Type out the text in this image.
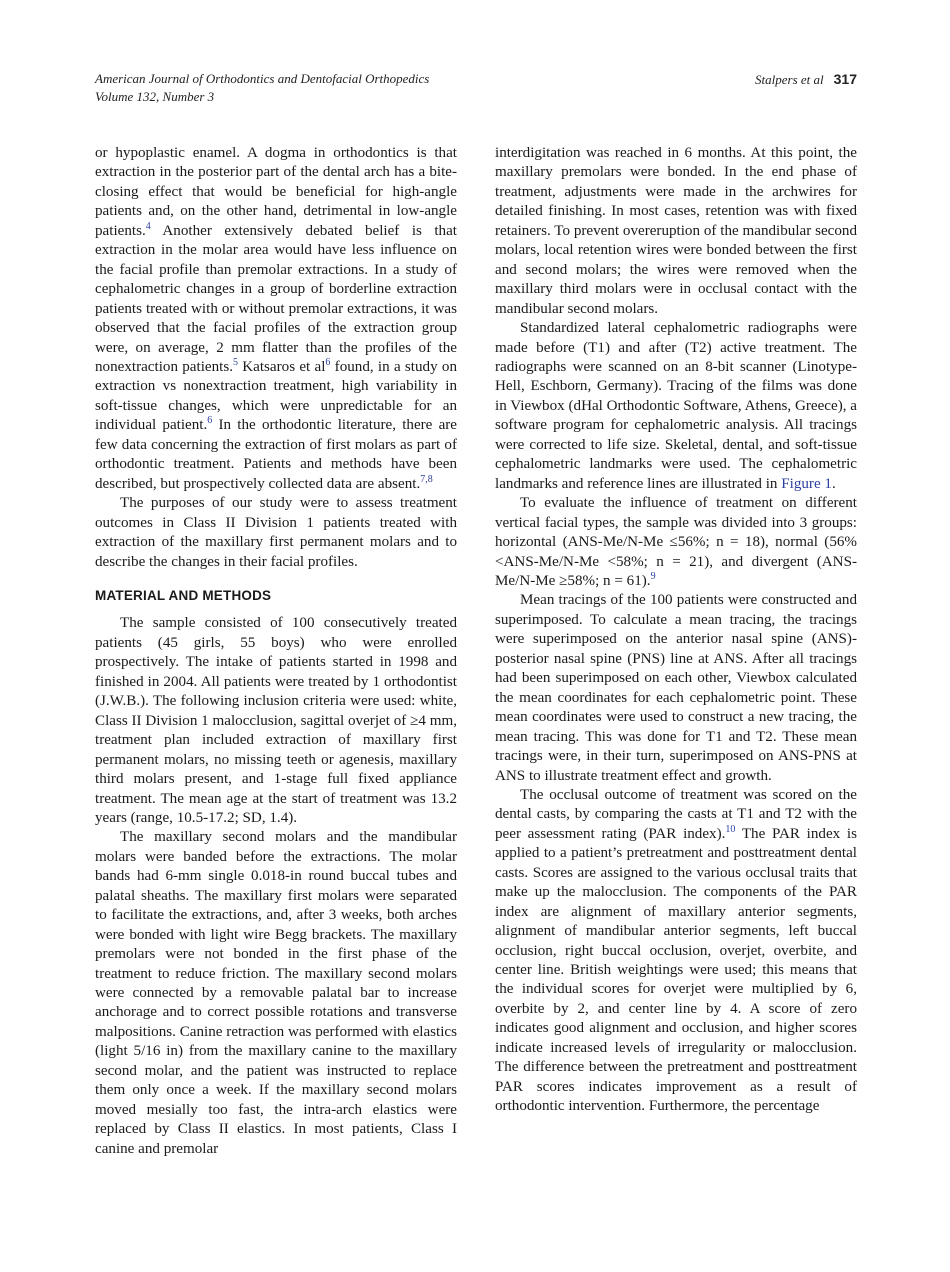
American Journal of Orthodontics and Dentofacial Orthopedics
Volume 132, Number 3
Stalpers et al 317

or hypoplastic enamel. A dogma in orthodontics is that extraction in the posterior part of the dental arch has a bite-closing effect that would be beneficial for high-angle patients and, on the other hand, detrimental in low-angle patients.$^4$ Another extensively debated belief is that extraction in the molar area would have less influence on the facial profile than premolar extractions. In a study of cephalometric changes in a group of borderline extraction patients treated with or without premolar extractions, it was observed that the facial profiles of the extraction group were, on average, 2 mm flatter than the profiles of the nonextraction patients.$^5$ Katsaros et al$^6$ found, in a study on extraction vs nonextraction treatment, high variability in soft-tissue changes, which were unpredictable for an individual patient.$^6$ In the orthodontic literature, there are few data concerning the extraction of first molars as part of orthodontic treatment. Patients and methods have been described, but prospectively collected data are absent.$^{7,8}$

The purposes of our study were to assess treatment outcomes in Class II Division 1 patients treated with extraction of the maxillary first permanent molars and to describe the changes in their facial profiles.

MATERIAL AND METHODS

The sample consisted of 100 consecutively treated patients (45 girls, 55 boys) who were enrolled prospectively. The intake of patients started in 1998 and finished in 2004. All patients were treated by 1 orthodontist (J.W.B.). The following inclusion criteria were used: white, Class II Division 1 malocclusion, sagittal overjet of ≥4 mm, treatment plan included extraction of maxillary first permanent molars, no missing teeth or agenesis, maxillary third molars present, and 1-stage full fixed appliance treatment. The mean age at the start of treatment was 13.2 years (range, 10.5-17.2; SD, 1.4).

The maxillary second molars and the mandibular molars were banded before the extractions. The molar bands had 6-mm single 0.018-in round buccal tubes and palatal sheaths. The maxillary first molars were separated to facilitate the extractions, and, after 3 weeks, both arches were bonded with light wire Begg brackets. The maxillary premolars were not bonded in the first phase of the treatment to reduce friction. The maxillary second molars were connected by a removable palatal bar to increase anchorage and to correct possible rotations and transverse malpositions. Canine retraction was performed with elastics (light 5/16 in) from the maxillary canine to the maxillary second molar, and the patient was instructed to replace them only once a week. If the maxillary second molars moved mesially too fast, the intra-arch elastics were replaced by Class II elastics. In most patients, Class I canine and premolar

interdigitation was reached in 6 months. At this point, the maxillary premolars were bonded. In the end phase of treatment, adjustments were made in the archwires for detailed finishing. In most cases, retention was with fixed retainers. To prevent overeruption of the mandibular second molars, local retention wires were bonded between the first and second molars; the wires were removed when the maxillary third molars were in occlusal contact with the mandibular second molars.

Standardized lateral cephalometric radiographs were made before (T1) and after (T2) active treatment. The radiographs were scanned on an 8-bit scanner (Linotype-Hell, Eschborn, Germany). Tracing of the films was done in Viewbox (dHal Orthodontic Software, Athens, Greece), a software program for cephalometric analysis. All tracings were corrected to life size. Skeletal, dental, and soft-tissue cephalometric landmarks were used. The cephalometric landmarks and reference lines are illustrated in Figure 1.

To evaluate the influence of treatment on different vertical facial types, the sample was divided into 3 groups: horizontal (ANS-Me/N-Me ≤56%; n = 18), normal (56% <ANS-Me/N-Me <58%; n = 21), and divergent (ANS-Me/N-Me ≥58%; n = 61).$^9$

Mean tracings of the 100 patients were constructed and superimposed. To calculate a mean tracing, the tracings were superimposed on the anterior nasal spine (ANS)-posterior nasal spine (PNS) line at ANS. After all tracings had been superimposed on each other, Viewbox calculated the mean coordinates for each cephalometric point. These mean coordinates were used to construct a new tracing, the mean tracing. This was done for T1 and T2. These mean tracings were, in their turn, superimposed on ANS-PNS at ANS to illustrate treatment effect and growth.

The occlusal outcome of treatment was scored on the dental casts, by comparing the casts at T1 and T2 with the peer assessment rating (PAR index).$^{10}$ The PAR index is applied to a patient’s pretreatment and posttreatment dental casts. Scores are assigned to the various occlusal traits that make up the malocclusion. The components of the PAR index are alignment of maxillary anterior segments, alignment of mandibular anterior segments, left buccal occlusion, right buccal occlusion, overjet, overbite, and center line. British weightings were used; this means that the individual scores for overjet were multiplied by 6, overbite by 2, and center line by 4. A score of zero indicates good alignment and occlusion, and higher scores indicate increased levels of irregularity or malocclusion. The difference between the pretreatment and posttreatment PAR scores indicates improvement as a result of orthodontic intervention. Furthermore, the percentage
